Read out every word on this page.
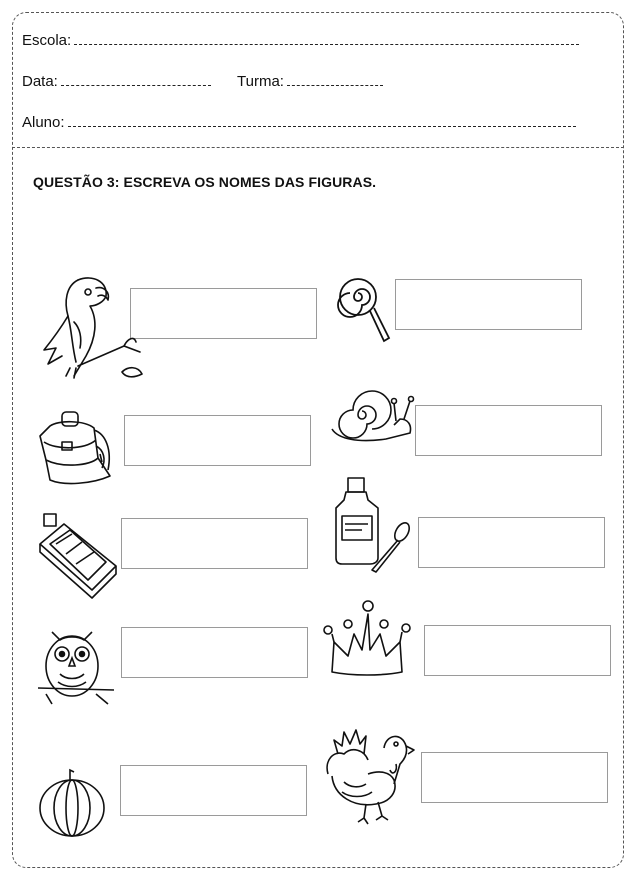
Escola:
Data:	Turma:
Aluno:
QUESTÃO 3: ESCREVA OS NOMES DAS FIGURAS.
